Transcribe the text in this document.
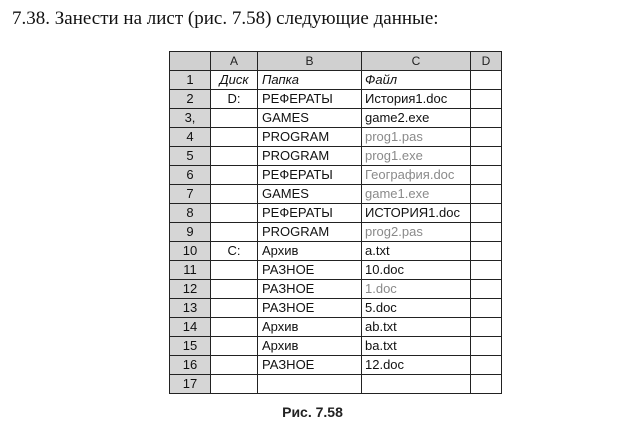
7.38. Занести на лист (рис. 7.58) следующие данные:
	A	B	C	D
1	Диск	Папка	Файл	
2	D:	РЕФЕРАТЫ	История1.doc	
3,		GAMES	game2.exe	
4		PROGRAM	prog1.pas	
5		PROGRAM	prog1.exe	
6		РЕФЕРАТЫ	География.doc	
7		GAMES	game1.exe	
8		РЕФЕРАТЫ	ИСТОРИЯ1.doc	
9		PROGRAM	prog2.pas	
10	C:	Архив	a.txt	
11		РАЗНОЕ	10.doc	
12		РАЗНОЕ	1.doc	
13		РАЗНОЕ	5.doc	
14		Архив	ab.txt	
15		Архив	ba.txt	
16		РАЗНОЕ	12.doc	
17				
Рис. 7.58
